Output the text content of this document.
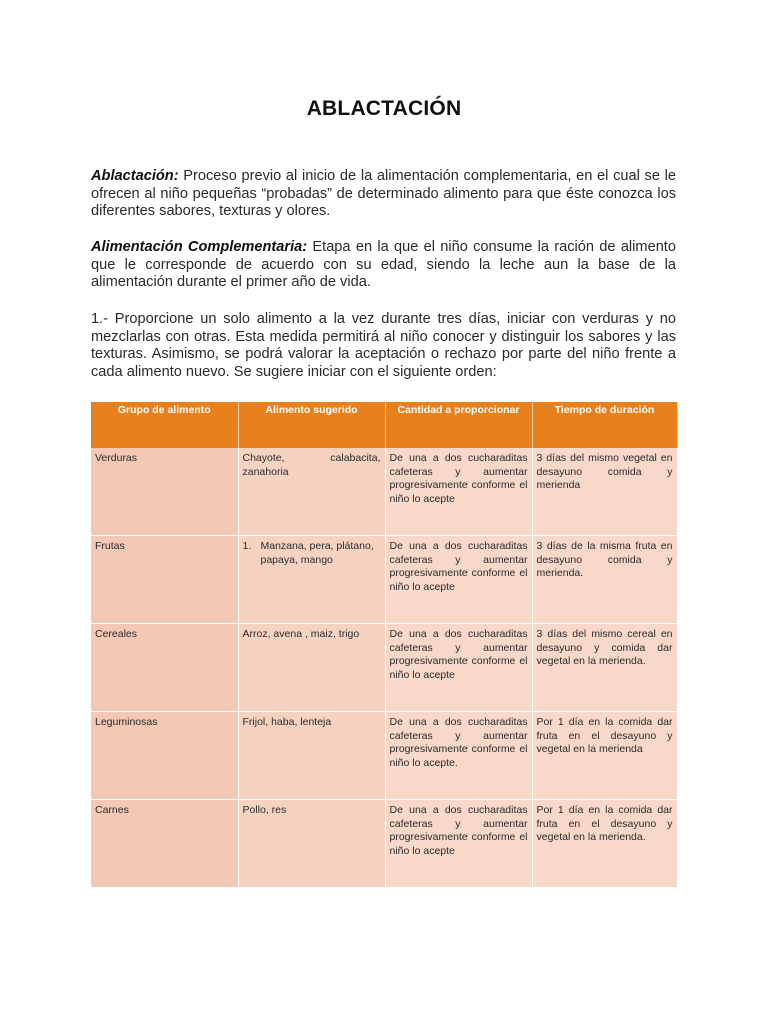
ABLACTACIÓN

Ablactación: Proceso previo al inicio de la alimentación complementaria, en el cual se le ofrecen al niño pequeñas “probadas” de determinado alimento para que éste conozca los diferentes sabores, texturas y olores.

Alimentación Complementaria: Etapa en la que el niño consume la ración de alimento que le corresponde de acuerdo con su edad, siendo la leche aun la base de la alimentación durante el primer año de vida.

1.- Proporcione un solo alimento a la vez durante tres días, iniciar con verduras y no mezclarlas con otras. Esta medida permitirá al niño conocer y distinguir los sabores y las texturas. Asimismo, se podrá valorar la aceptación o rechazo por parte del niño frente a cada alimento nuevo. Se sugiere iniciar con el siguiente orden:

Grupo de alimento	Alimento sugerido	Cantidad a proporcionar	Tiempo de duración
Verduras	Chayote, calabacita, zanahoria	De una a dos cucharaditas cafeteras y aumentar progresivamente conforme el niño lo acepte	3 días del mismo vegetal en desayuno comida y merienda
Frutas	1. Manzana, pera, plátano, papaya, mango	De una a dos cucharaditas cafeteras y aumentar progresivamente conforme el niño lo acepte	3 días de la misma fruta en desayuno comida y merienda.
Cereales	Arroz, avena , maiz, trigo	De una a dos cucharaditas cafeteras y aumentar progresivamente conforme el niño lo acepte	3 días del mismo cereal en desayuno y comida dar vegetal en la merienda.
Leguminosas	Frijol, haba, lenteja	De una a dos cucharaditas cafeteras y aumentar progresivamente conforme el niño lo acepte.	Por 1 día en la comida dar fruta en el desayuno y vegetal en la merienda
Carnes	Pollo, res	De una a dos cucharaditas cafeteras y aumentar progresivamente conforme el niño lo acepte	Por 1 día en la comida dar fruta en el desayuno y vegetal en la merienda.
